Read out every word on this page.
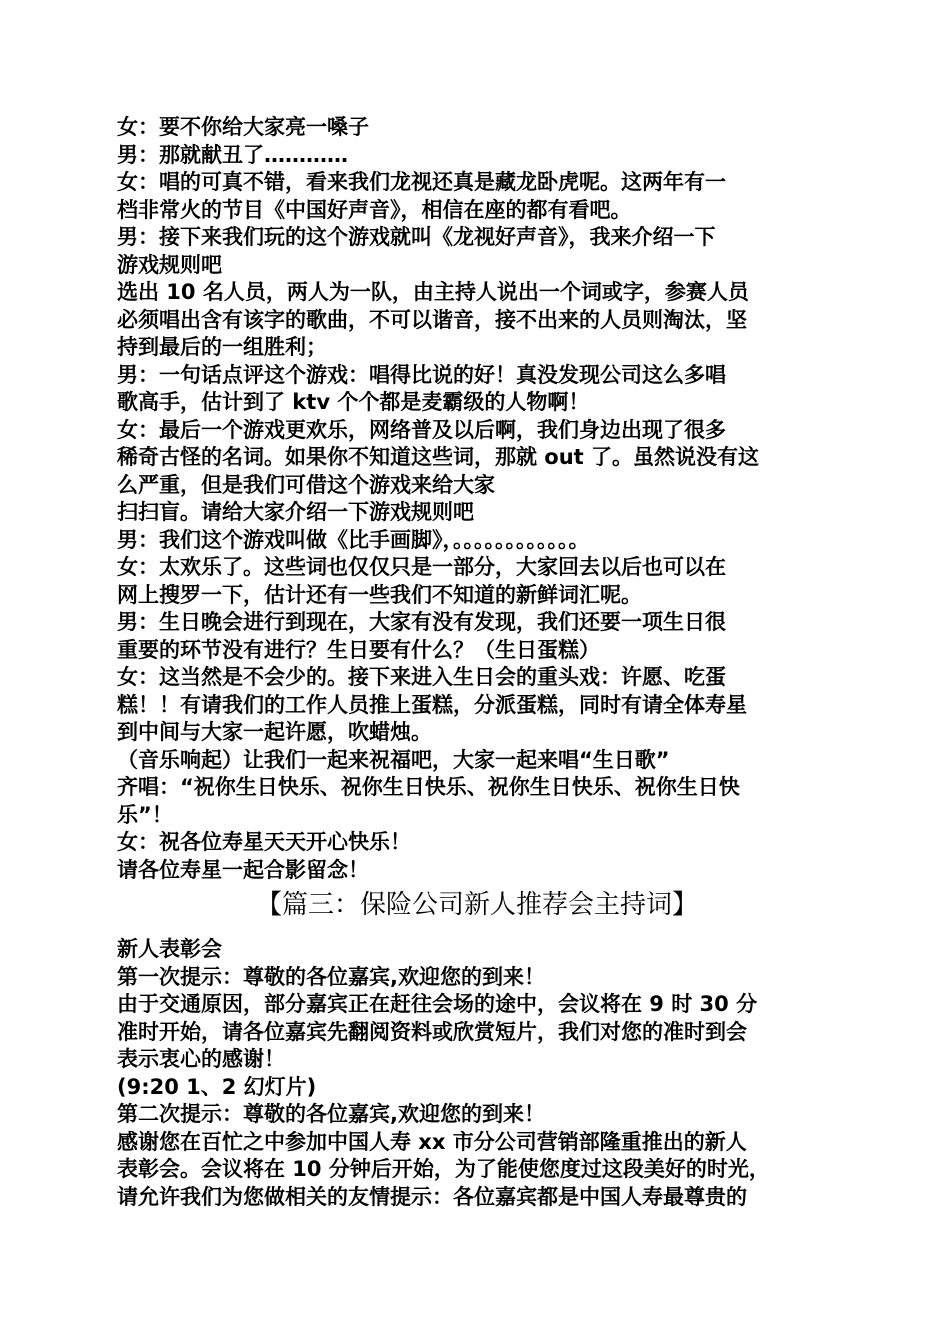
女：要不你给大家亮一嗓子
男：那就献丑了…………
女：唱的可真不错，看来我们龙视还真是藏龙卧虎呢。这两年有一
档非常火的节目《中国好声音》，相信在座的都有看吧。
男：接下来我们玩的这个游戏就叫《龙视好声音》，我来介绍一下
游戏规则吧
选出 10 名人员，两人为一队，由主持人说出一个词或字，参赛人员
必须唱出含有该字的歌曲，不可以谐音，接不出来的人员则淘汰，坚
持到最后的一组胜利；
男：一句话点评这个游戏：唱得比说的好！真没发现公司这么多唱
歌高手，估计到了 ktv 个个都是麦霸级的人物啊！
女：最后一个游戏更欢乐，网络普及以后啊，我们身边出现了很多
稀奇古怪的名词。如果你不知道这些词，那就 out 了。虽然说没有这
么严重，但是我们可借这个游戏来给大家
扫扫盲。请给大家介绍一下游戏规则吧
男：我们这个游戏叫做《比手画脚》，。。。。。。。。。。。。
女：太欢乐了。这些词也仅仅只是一部分，大家回去以后也可以在
网上搜罗一下，估计还有一些我们不知道的新鲜词汇呢。
男：生日晚会进行到现在，大家有没有发现，我们还要一项生日很
重要的环节没有进行？生日要有什么？（生日蛋糕）
女：这当然是不会少的。接下来进入生日会的重头戏：许愿、吃蛋
糕！！有请我们的工作人员推上蛋糕，分派蛋糕，同时有请全体寿星
到中间与大家一起许愿，吹蜡烛。
（音乐响起）让我们一起来祝福吧，大家一起来唱“生日歌”
齐唱：“祝你生日快乐、祝你生日快乐、祝你生日快乐、祝你生日快
乐”！
女：祝各位寿星天天开心快乐！
请各位寿星一起合影留念！
【篇三：保险公司新人推荐会主持词】
新人表彰会
第一次提示：尊敬的各位嘉宾,欢迎您的到来！
由于交通原因，部分嘉宾正在赶往会场的途中，会议将在 9 时 30 分
准时开始，请各位嘉宾先翻阅资料或欣赏短片，我们对您的准时到会
表示衷心的感谢！
(9:20 1、2 幻灯片)
第二次提示：尊敬的各位嘉宾,欢迎您的到来！
感谢您在百忙之中参加中国人寿 xx 市分公司营销部隆重推出的新人
表彰会。会议将在 10 分钟后开始，为了能使您度过这段美好的时光，
请允许我们为您做相关的友情提示：各位嘉宾都是中国人寿最尊贵的
